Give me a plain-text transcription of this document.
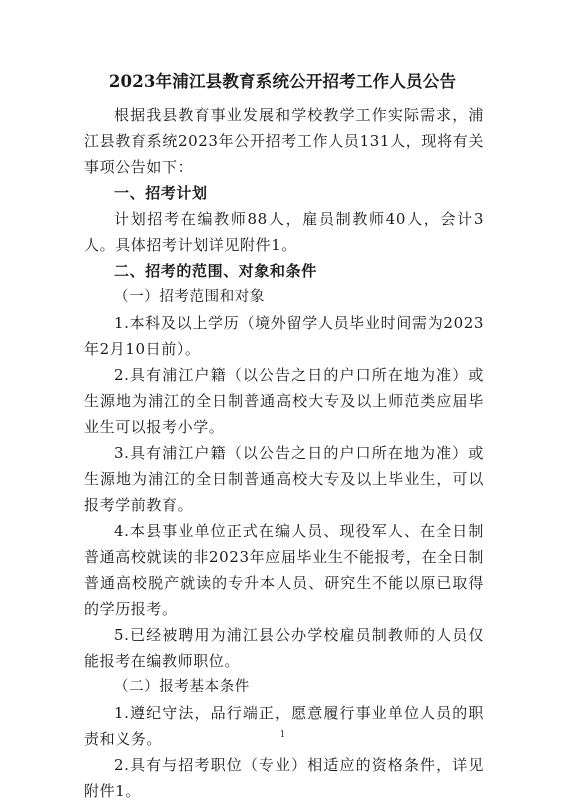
2023年浦江县教育系统公开招考工作人员公告

根据我县教育事业发展和学校教学工作实际需求，浦江县教育系统2023年公开招考工作人员131人，现将有关事项公告如下：

一、招考计划

计划招考在编教师88人，雇员制教师40人，会计3人。具体招考计划详见附件1。

二、招考的范围、对象和条件

（一）招考范围和对象

1.本科及以上学历（境外留学人员毕业时间需为2023年2月10日前）。

2.具有浦江户籍（以公告之日的户口所在地为准）或生源地为浦江的全日制普通高校大专及以上师范类应届毕业生可以报考小学。

3.具有浦江户籍（以公告之日的户口所在地为准）或生源地为浦江的全日制普通高校大专及以上毕业生，可以报考学前教育。

4.本县事业单位正式在编人员、现役军人、在全日制普通高校就读的非2023年应届毕业生不能报考，在全日制普通高校脱产就读的专升本人员、研究生不能以原已取得的学历报考。

5.已经被聘用为浦江县公办学校雇员制教师的人员仅能报考在编教师职位。

（二）报考基本条件

1.遵纪守法，品行端正，愿意履行事业单位人员的职责和义务。

2.具有与招考职位（专业）相适应的资格条件，详见附件1。

1
